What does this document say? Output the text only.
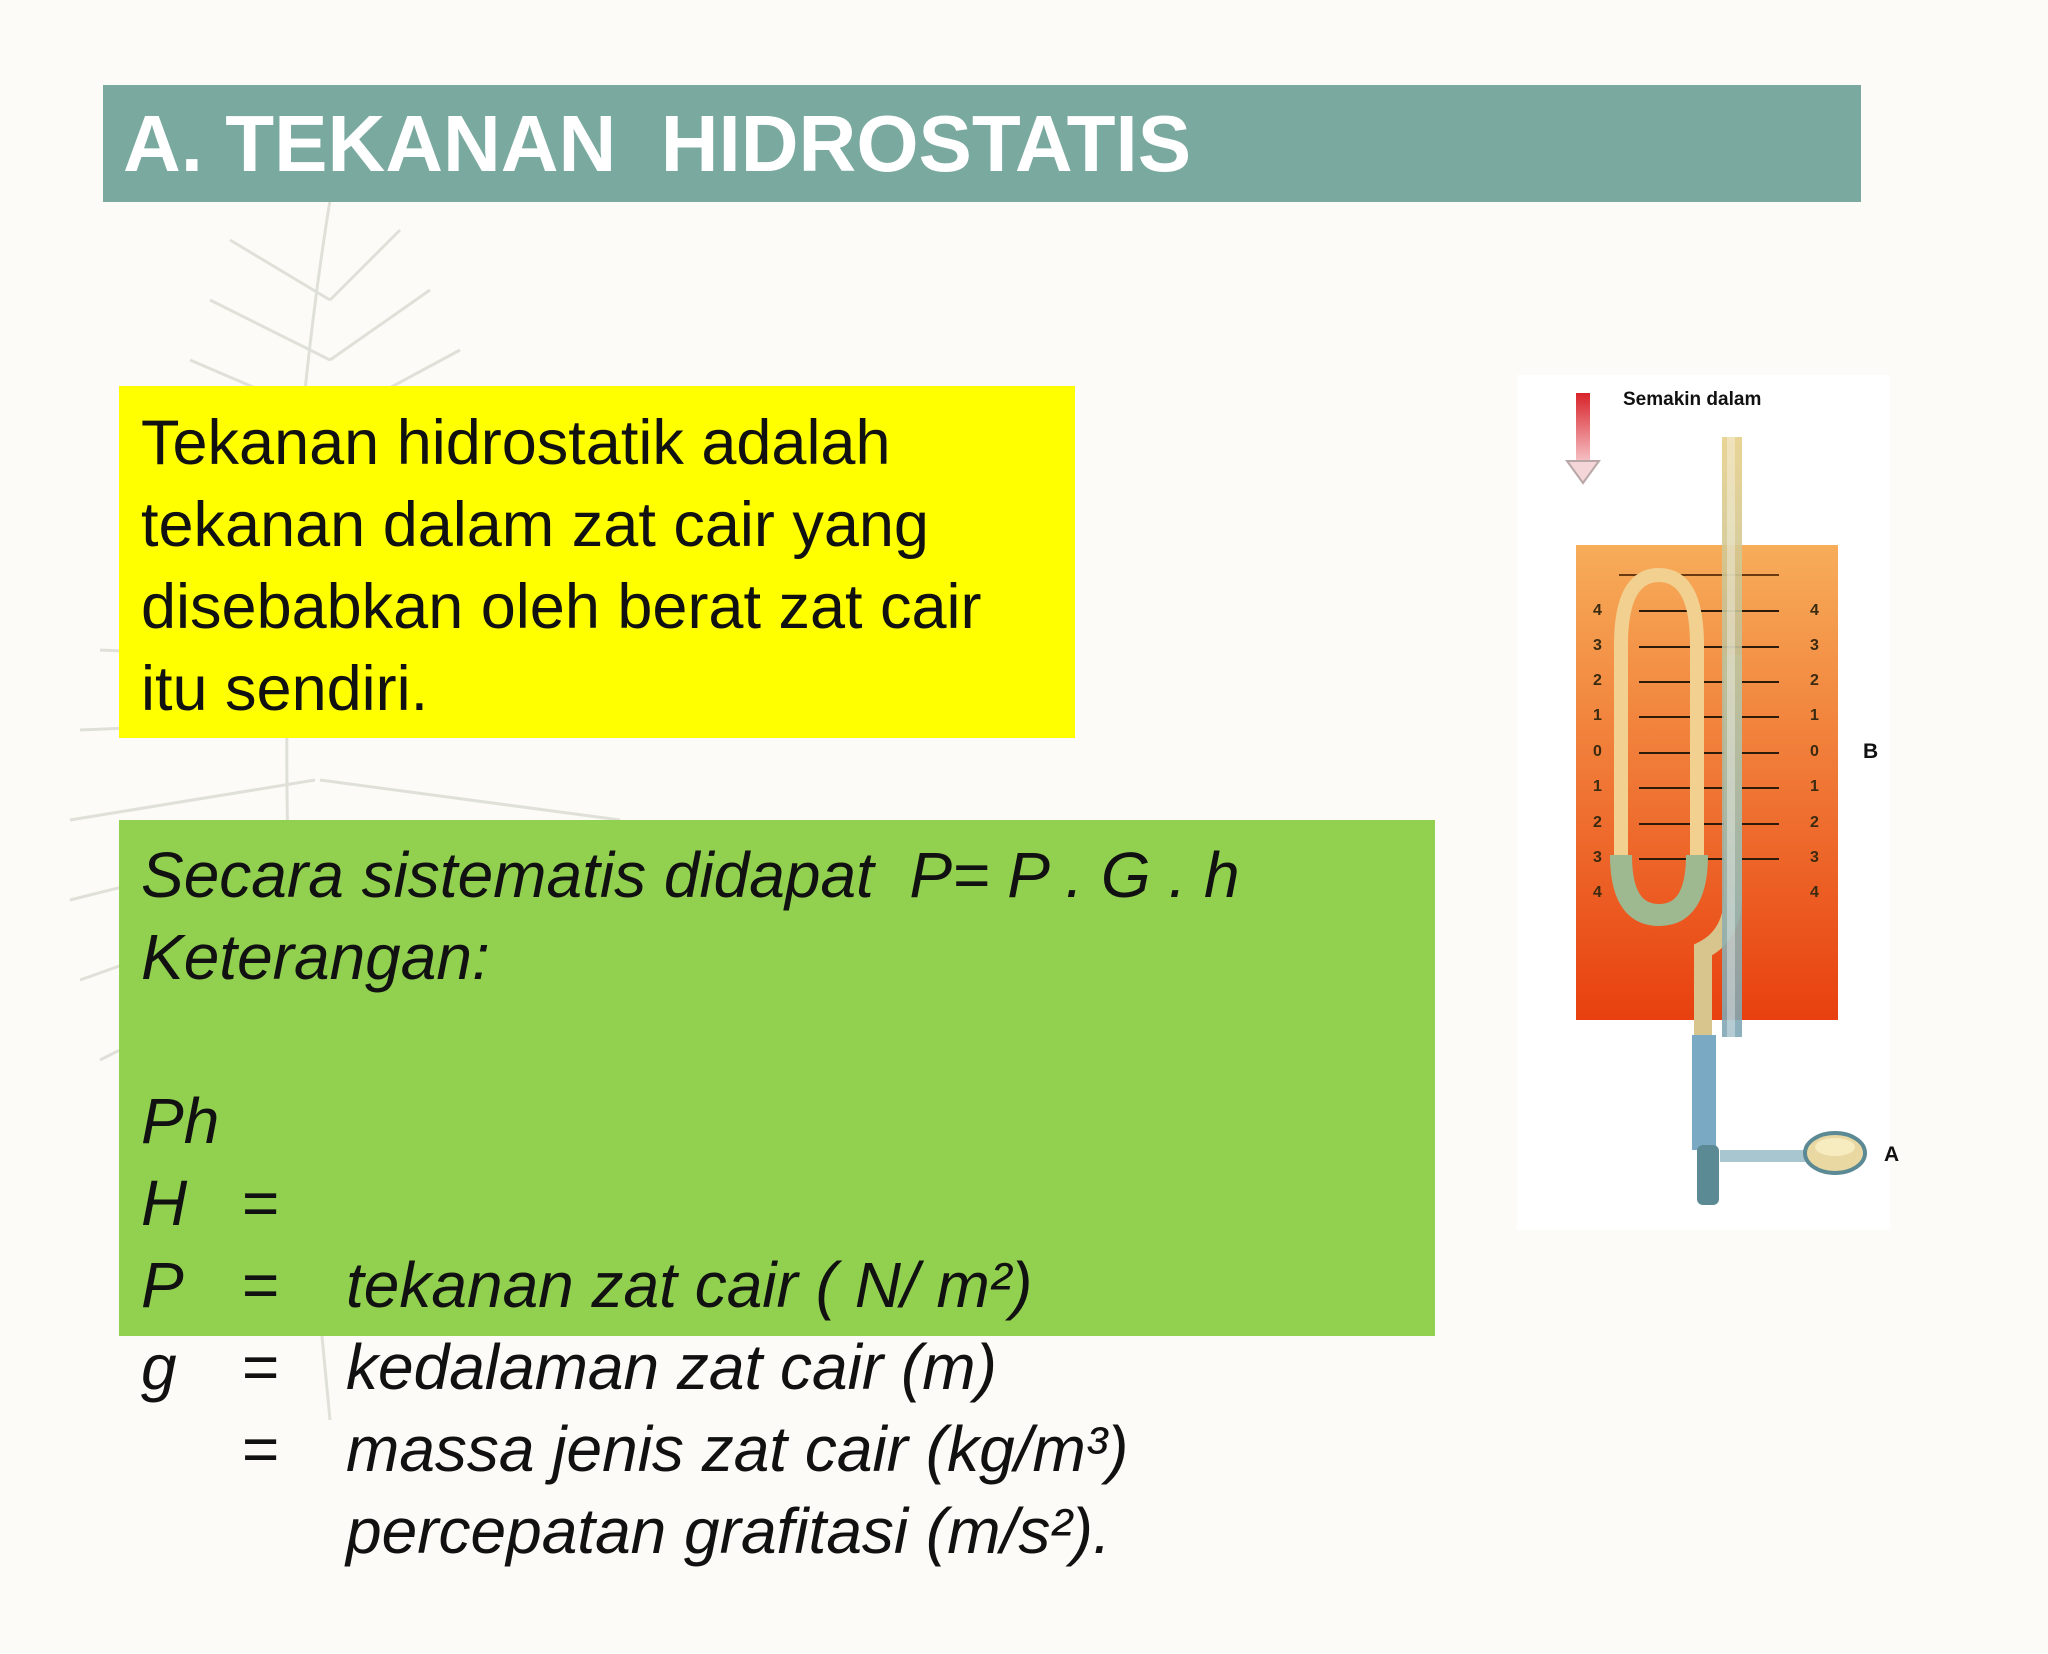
A. TEKANAN  HIDROSTATIS
Tekanan hidrostatik adalah
tekanan dalam zat cair yang
disebabkan oleh berat zat cair
itu sendiri.
Secara sistematis didapat  P= P . G . h
Keterangan:

Ph

=

tekanan zat cair ( N/ m²)

H

=

kedalaman zat cair (m)

P

=

massa jenis zat cair (kg/m³)

g

=

percepatan grafitasi (m/s²).

Semakin dalam
B
A
4
3
2
1
0
1
2
3
4
4
3
2
1
0
1
2
3
4
